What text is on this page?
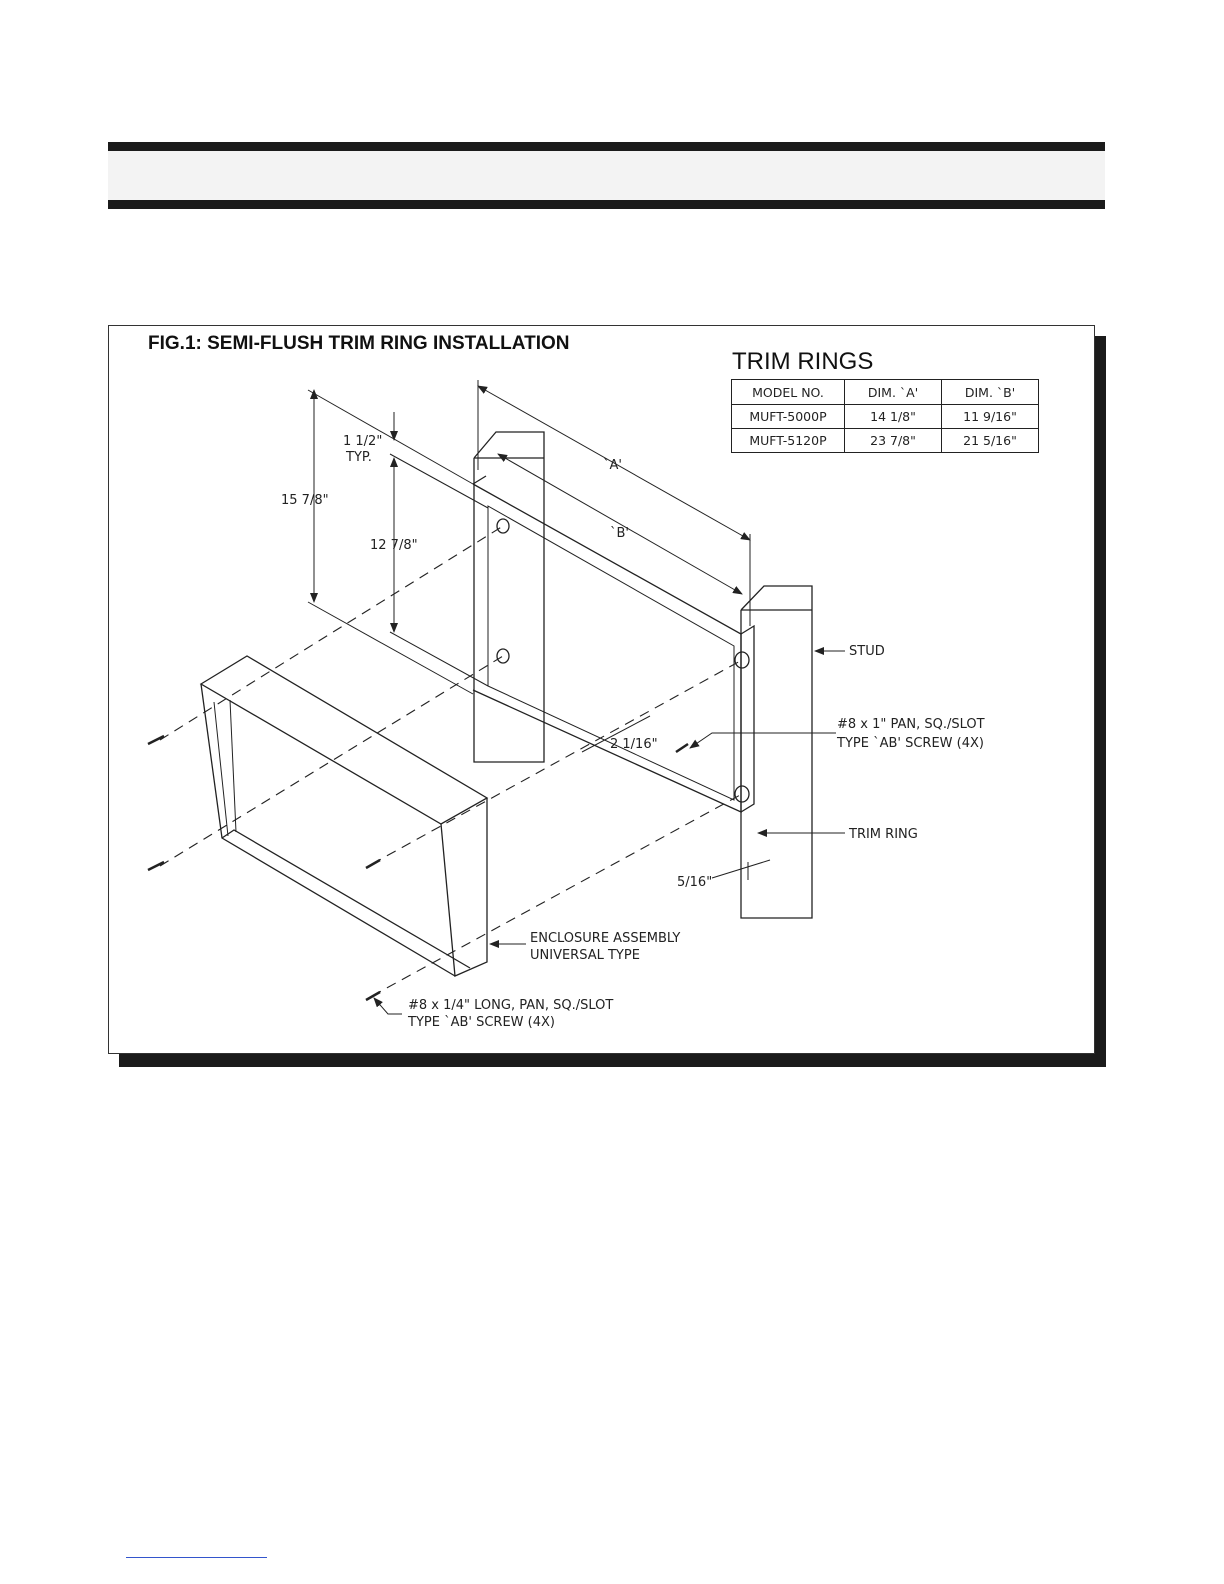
FIG.1: SEMI-FLUSH TRIM RING INSTALLATION
TRIM RINGS
MODEL NO.	DIM. `A'	DIM. `B'
MUFT-5000P	14 1/8"	11 9/16"
MUFT-5120P	23 7/8"	21 5/16"
1 1/2"
TYP.
15 7/8"
12 7/8"
`A'
`B'
2 1/16"
5/16"
STUD
#8 x 1" PAN, SQ./SLOT
TYPE `AB' SCREW (4X)
TRIM RING
ENCLOSURE ASSEMBLY
UNIVERSAL TYPE
#8 x 1/4" LONG, PAN, SQ./SLOT
TYPE `AB' SCREW (4X)
